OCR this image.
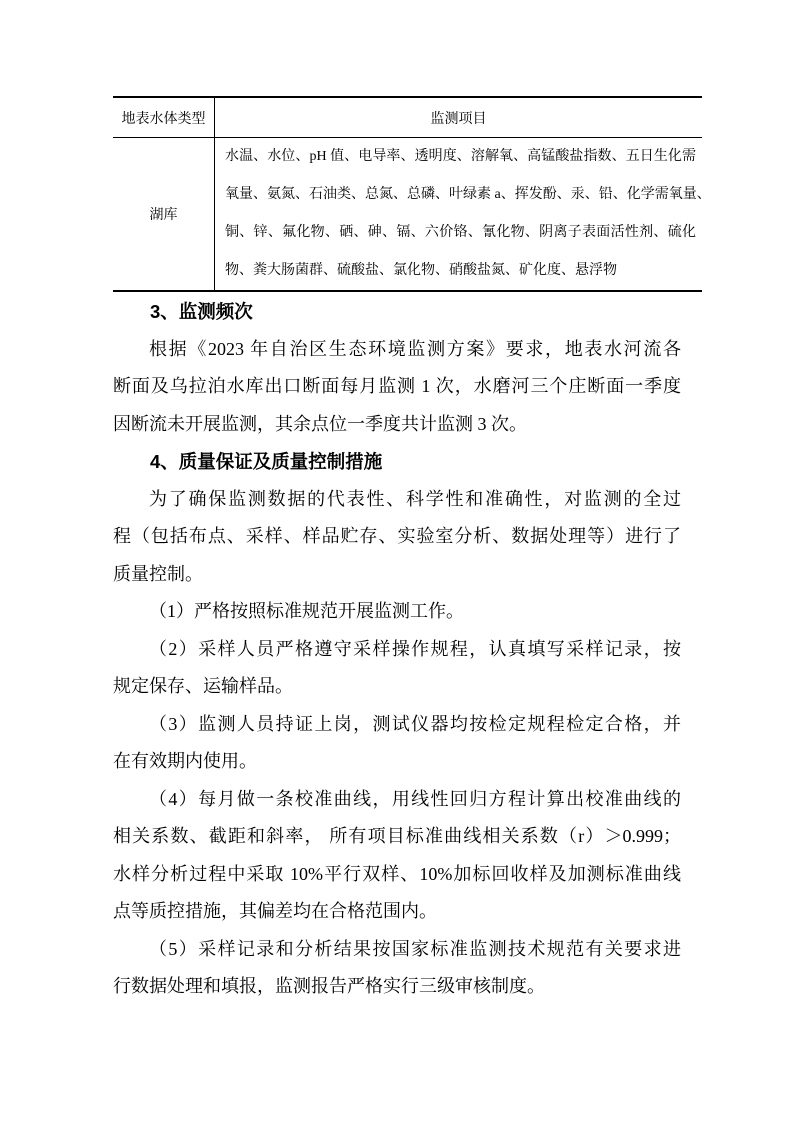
地表水体类型	监测项目
湖库
水温、水位、pH 值、电导率、透明度、溶解氧、高锰酸盐指数、五日生化需
氧量、氨氮、石油类、总氮、总磷、叶绿素 a、挥发酚、汞、铅、化学需氧量、
铜、锌、氟化物、硒、砷、镉、六价铬、氰化物、阴离子表面活性剂、硫化
物、粪大肠菌群、硫酸盐、氯化物、硝酸盐氮、矿化度、悬浮物
3、监测频次
根据《2023 年自治区生态环境监测方案》要求，地表水河流各
断面及乌拉泊水库出口断面每月监测 1 次，水磨河三个庄断面一季度
因断流未开展监测，其余点位一季度共计监测 3 次。
4、质量保证及质量控制措施
为了确保监测数据的代表性、科学性和准确性，对监测的全过
程（包括布点、采样、样品贮存、实验室分析、数据处理等）进行了
质量控制。
（1）严格按照标准规范开展监测工作。
（2）采样人员严格遵守采样操作规程，认真填写采样记录，按
规定保存、运输样品。
（3）监测人员持证上岗，测试仪器均按检定规程检定合格，并
在有效期内使用。
（4）每月做一条校准曲线，用线性回归方程计算出校准曲线的
相关系数、截距和斜率， 所有项目标准曲线相关系数（r）＞0.999；
水样分析过程中采取 10%平行双样、10%加标回收样及加测标准曲线
点等质控措施，其偏差均在合格范围内。
（5）采样记录和分析结果按国家标准监测技术规范有关要求进
行数据处理和填报，监测报告严格实行三级审核制度。
